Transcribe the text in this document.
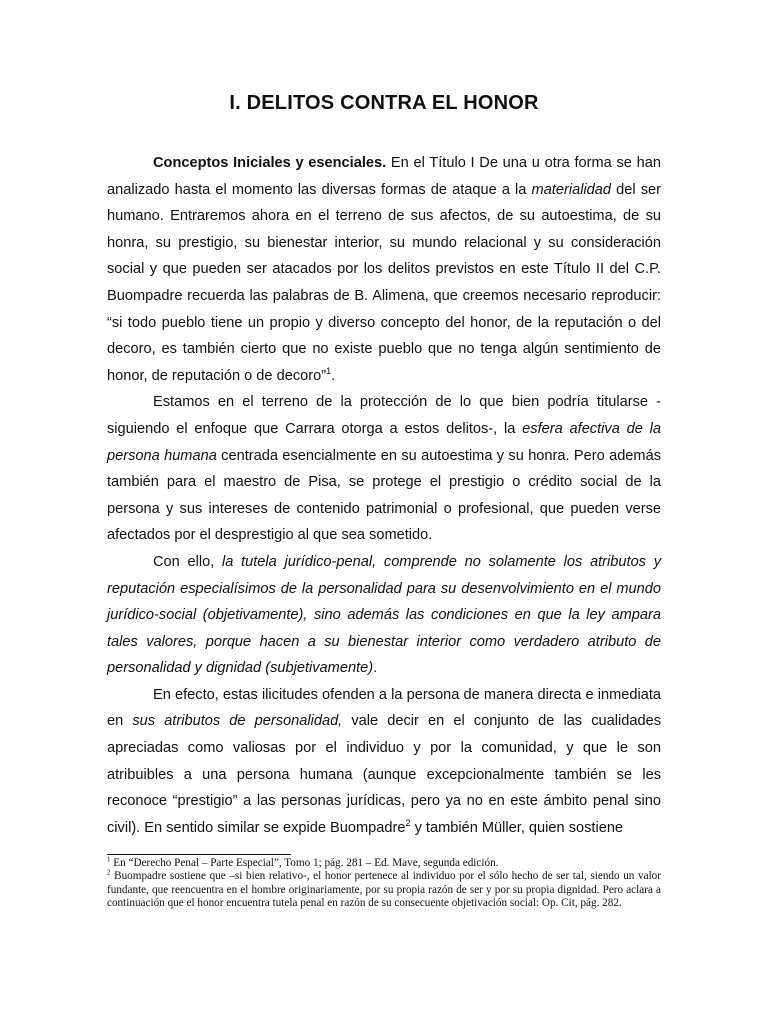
I. DELITOS CONTRA EL HONOR

Conceptos Iniciales y esenciales. En el Título I De una u otra forma se han analizado hasta el momento las diversas formas de ataque a la materialidad del ser humano. Entraremos ahora en el terreno de sus afectos, de su autoestima, de su honra, su prestigio, su bienestar interior, su mundo relacional y su consideración social y que pueden ser atacados por los delitos previstos en este Título II del C.P. Buompadre recuerda las palabras de B. Alimena, que creemos necesario reproducir: “si todo pueblo tiene un propio y diverso concepto del honor, de la reputación o del decoro, es también cierto que no existe pueblo que no tenga algún sentimiento de honor, de reputación o de decoro”$^1$.

Estamos en el terreno de la protección de lo que bien podría titularse -siguiendo el enfoque que Carrara otorga a estos delitos-, la esfera afectiva de la persona humana centrada esencialmente en su autoestima y su honra. Pero además también para el maestro de Pisa, se protege el prestigio o crédito social de la persona y sus intereses de contenido patrimonial o profesional, que pueden verse afectados por el desprestigio al que sea sometido.

Con ello, la tutela jurídico-penal, comprende no solamente los atributos y reputación especialísimos de la personalidad para su desenvolvimiento en el mundo jurídico-social (objetivamente), sino además las condiciones en que la ley ampara tales valores, porque hacen a su bienestar interior como verdadero atributo de personalidad y dignidad (subjetivamente).

En efecto, estas ilicitudes ofenden a la persona de manera directa e inmediata en sus atributos de personalidad, vale decir en el conjunto de las cualidades apreciadas como valiosas por el individuo y por la comunidad, y que le son atribuibles a una persona humana (aunque excepcionalmente también se les reconoce “prestigio” a las personas jurídicas, pero ya no en este ámbito penal sino civil). En sentido similar se expide Buompadre$^2$ y también Müller, quien sostiene

$^1$ En “Derecho Penal – Parte Especial”, Tomo 1; pág. 281 – Ed. Mave, segunda edición.

$^2$ Buompadre sostiene que –si bien relativo-, el honor pertenece al individuo por el sólo hecho de ser tal, siendo un valor fundante, que reencuentra en el hombre originariamente, por su propia razón de ser y por su propia dignidad. Pero aclara a continuación que el honor encuentra tutela penal en razón de su consecuente objetivación social: Op. Cit, pág. 282.
